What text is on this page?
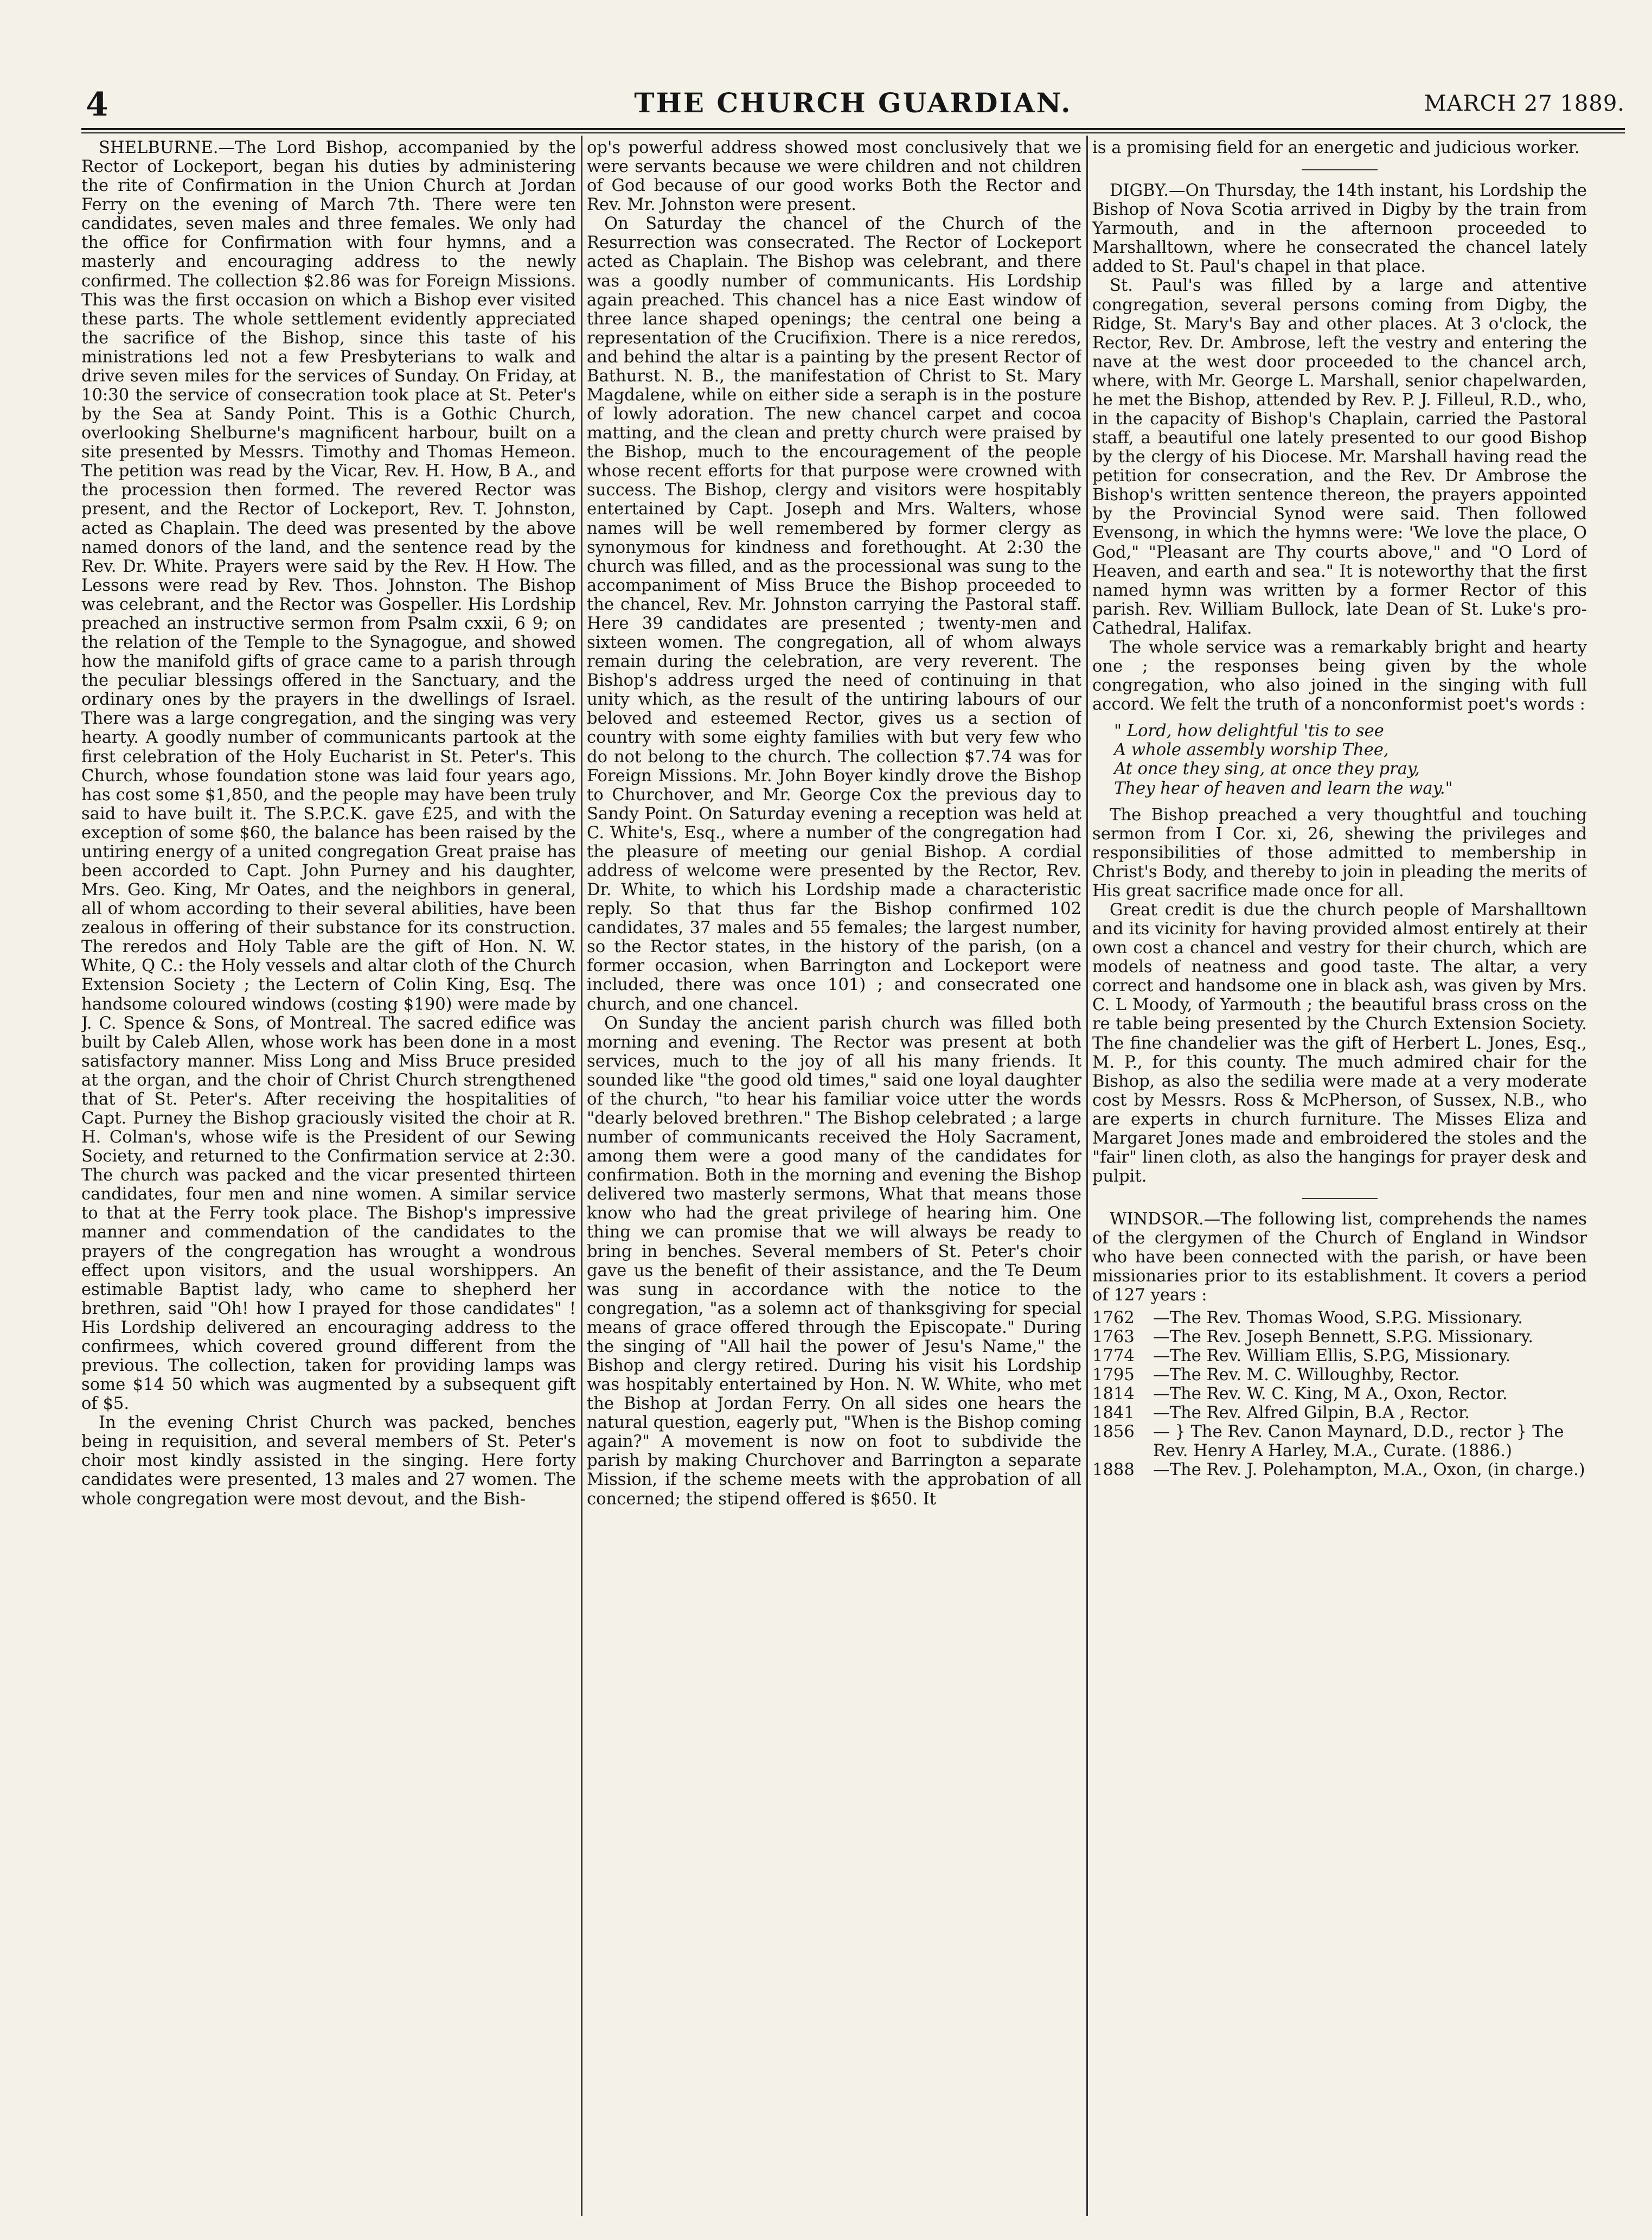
4	THE CHURCH GUARDIAN.	MARCH 27 1889.

SHELBURNE.—The Lord Bishop, accompanied by the Rector of Lockeport, began his duties by administering the rite of Confirmation in the Union Church at Jordan Ferry on the evening of March 7th. There were ten candidates, seven males and three females. We only had the office for Confirmation with four hymns, and a masterly and encouraging address to the newly confirmed. The collection $2.86 was for Foreign Missions. This was the first occasion on which a Bishop ever visited these parts. The whole settlement evidently appreciated the sacrifice of the Bishop, since this taste of his ministrations led not a few Presbyterians to walk and drive seven miles for the services of Sunday. On Friday, at 10:30 the service of consecration took place at St. Peter's by the Sea at Sandy Point. This is a Gothic Church, overlooking Shelburne's magnificent harbour, built on a site presented by Messrs. Timothy and Thomas Hemeon. The petition was read by the Vicar, Rev. H. How, B A., and the procession then formed. The revered Rector was present, and the Rector of Lockeport, Rev. T. Johnston, acted as Chaplain. The deed was presented by the above named donors of the land, and the sentence read by the Rev. Dr. White. Prayers were said by the Rev. H How. The Lessons were read by Rev. Thos. Johnston. The Bishop was celebrant, and the Rector was Gospeller. His Lordship preached an instructive sermon from Psalm cxxii, 6 9; on the relation of the Temple to the Synagogue, and showed how the manifold gifts of grace came to a parish through the peculiar blessings offered in the Sanctuary, and the ordinary ones by the prayers in the dwellings of Israel. There was a large congregation, and the singing was very hearty. A goodly number of communicants partook at the first celebration of the Holy Eucharist in St. Peter's. This Church, whose foundation stone was laid four years ago, has cost some $1,850, and the people may have been truly said to have built it. The S.P.C.K. gave £25, and with the exception of some $60, the balance has been raised by the untiring energy of a united congregation Great praise has been accorded to Capt. John Purney and his daughter, Mrs. Geo. King, Mr Oates, and the neighbors in general, all of whom according to their several abilities, have been zealous in offering of their substance for its construction. The reredos and Holy Table are the gift of Hon. N. W. White, Q C.: the Holy vessels and altar cloth of the Church Extension Society ; the Lectern of Colin King, Esq. The handsome coloured windows (costing $190) were made by J. C. Spence & Sons, of Montreal. The sacred edifice was built by Caleb Allen, whose work has been done in a most satisfactory manner. Miss Long and Miss Bruce presided at the organ, and the choir of Christ Church strengthened that of St. Peter's. After receiving the hospitalities of Capt. Purney the Bishop graciously visited the choir at R. H. Colman's, whose wife is the President of our Sewing Society, and returned to the Confirmation service at 2:30. The church was packed and the vicar presented thirteen candidates, four men and nine women. A similar service to that at the Ferry took place. The Bishop's impressive manner and commendation of the candidates to the prayers of the congregation has wrought a wondrous effect upon visitors, and the usual worshippers. An estimable Baptist lady, who came to shepherd her brethren, said "Oh! how I prayed for those candidates" ! His Lordship delivered an encouraging address to the confirmees, which covered ground different from the previous. The collection, taken for providing lamps was some $14 50 which was augmented by a subsequent gift of $5.

In the evening Christ Church was packed, benches being in requisition, and several members of St. Peter's choir most kindly assisted in the singing. Here forty candidates were presented, 13 males and 27 women. The whole congregation were most devout, and the Bish-

op's powerful address showed most conclusively that we were servants because we were children and not children of God because of our good works Both the Rector and Rev. Mr. Johnston were present.

On Saturday the chancel of the Church of the Resurrection was consecrated. The Rector of Lockeport acted as Chaplain. The Bishop was celebrant, and there was a goodly number of communicants. His Lordship again preached. This chancel has a nice East window of three lance shaped openings; the central one being a representation of the Crucifixion. There is a nice reredos, and behind the altar is a painting by the present Rector of Bathurst. N. B., the manifestation of Christ to St. Mary Magdalene, while on either side a seraph is in the posture of lowly adoration. The new chancel carpet and cocoa matting, and the clean and pretty church were praised by the Bishop, much to the encouragement of the people whose recent efforts for that purpose were crowned with success. The Bishop, clergy and visitors were hospitably entertained by Capt. Joseph and Mrs. Walters, whose names will be well remembered by former clergy as synonymous for kindness and forethought. At 2:30 the church was filled, and as the processional was sung to the accompaniment of Miss Bruce the Bishop proceeded to the chancel, Rev. Mr. Johnston carrying the Pastoral staff. Here 39 candidates are presented ; twenty-men and sixteen women. The congregation, all of whom always remain during the celebration, are very reverent. The Bishop's address urged the need of continuing in that unity which, as the result of the untiring labours of our beloved and esteemed Rector, gives us a section of country with some eighty families with but very few who do not belong to the church. The collection $7.74 was for Foreign Missions. Mr. John Boyer kindly drove the Bishop to Churchover, and Mr. George Cox the previous day to Sandy Point. On Saturday evening a reception was held at C. White's, Esq., where a number of the congregation had the pleasure of meeting our genial Bishop. A cordial address of welcome were presented by the Rector, Rev. Dr. White, to which his Lordship made a characteristic reply. So that thus far the Bishop confirmed 102 candidates, 37 males and 55 females; the largest number, so the Rector states, in the history of the parish, (on a former occasion, when Barrington and Lockeport were included, there was once 101) ; and consecrated one church, and one chancel.

On Sunday the ancient parish church was filled both morning and evening. The Rector was present at both services, much to the joy of all his many friends. It sounded like "the good old times," said one loyal daughter of the church, "to hear his familiar voice utter the words "dearly beloved brethren." The Bishop celebrated ; a large number of communicants received the Holy Sacrament, among them were a good many of the candidates for confirmation. Both in the morning and evening the Bishop delivered two masterly sermons, What that means those know who had the great privilege of hearing him. One thing we can promise that we will always be ready to bring in benches. Several members of St. Peter's choir gave us the benefit of their assistance, and the Te Deum was sung in accordance with the notice to the congregation, "as a solemn act of thanksgiving for special means of grace offered through the Episcopate." During the singing of "All hail the power of Jesu's Name," the Bishop and clergy retired. During his visit his Lordship was hospitably entertained by Hon. N. W. White, who met the Bishop at Jordan Ferry. On all sides one hears the natural question, eagerly put, "When is the Bishop coming again?" A movement is now on foot to subdivide the parish by making Churchover and Barrington a separate Mission, if the scheme meets with the approbation of all concerned; the stipend offered is $650. It

is a promising field for an energetic and judicious worker.

DIGBY.—On Thursday, the 14th instant, his Lordship the Bishop of Nova Scotia arrived in Digby by the train from Yarmouth, and in the afternoon proceeded to Marshalltown, where he consecrated the chancel lately added to St. Paul's chapel in that place.

St. Paul's was filled by a large and attentive congregation, several persons coming from Digby, the Ridge, St. Mary's Bay and other places. At 3 o'clock, the Rector, Rev. Dr. Ambrose, left the vestry and entering the nave at the west door proceeded to the chancel arch, where, with Mr. George L. Marshall, senior chapelwarden, he met the Bishop, attended by Rev. P. J. Filleul, R.D., who, in the capacity of Bishop's Chaplain, carried the Pastoral staff, a beautiful one lately presented to our good Bishop by the clergy of his Diocese. Mr. Marshall having read the petition for consecration, and the Rev. Dr Ambrose the Bishop's written sentence thereon, the prayers appointed by the Provincial Synod were said. Then followed Evensong, in which the hymns were: 'We love the place, O God," "Pleasant are Thy courts above," and "O Lord of Heaven, and earth and sea." It is noteworthy that the first named hymn was written by a former Rector of this parish. Rev. William Bullock, late Dean of St. Luke's pro-Cathedral, Halifax.

The whole service was a remarkably bright and hearty one ; the responses being given by the whole congregation, who also joined in the singing with full accord. We felt the truth of a nonconformist poet's words :

" Lord, how delightful 'tis to see
A whole assembly worship Thee,
At once they sing, at once they pray,
They hear of heaven and learn the way."

The Bishop preached a very thoughtful and touching sermon from I Cor. xi, 26, shewing the privileges and responsibilities of those admitted to membership in Christ's Body, and thereby to join in pleading the merits of His great sacrifice made once for all.

Great credit is due the church people of Marshalltown and its vicinity for having provided almost entirely at their own cost a chancel and vestry for their church, which are models of neatness and good taste. The altar, a very correct and handsome one in black ash, was given by Mrs. C. L Moody, of Yarmouth ; the beautiful brass cross on the re table being presented by the Church Extension Society. The fine chandelier was the gift of Herbert L. Jones, Esq., M. P., for this county. The much admired chair for the Bishop, as also the sedilia were made at a very moderate cost by Messrs. Ross & McPherson, of Sussex, N.B., who are experts in church furniture. The Misses Eliza and Margaret Jones made and embroidered the stoles and the "fair" linen cloth, as also the hangings for prayer desk and pulpit.

WINDSOR.—The following list, comprehends the names of the clergymen of the Church of England in Windsor who have been connected with the parish, or have been missionaries prior to its establishment. It covers a period of 127 years :

1762	—The Rev. Thomas Wood, S.P.G. Missionary.
1763	—The Rev. Joseph Bennett, S.P.G. Missionary.
1774	—The Rev. William Ellis, S.P.G, Missionary.
1795	—The Rev. M. C. Willoughby, Rector.
1814	—The Rev. W. C. King, M A., Oxon, Rector.
1841	—The Rev. Alfred Gilpin, B.A , Rector.
1856	— } The Rev. Canon Maynard, D.D., rector } The Rev. Henry A Harley, M.A., Curate. (1886.)
1888	—The Rev. J. Polehampton, M.A., Oxon, (in charge.)
